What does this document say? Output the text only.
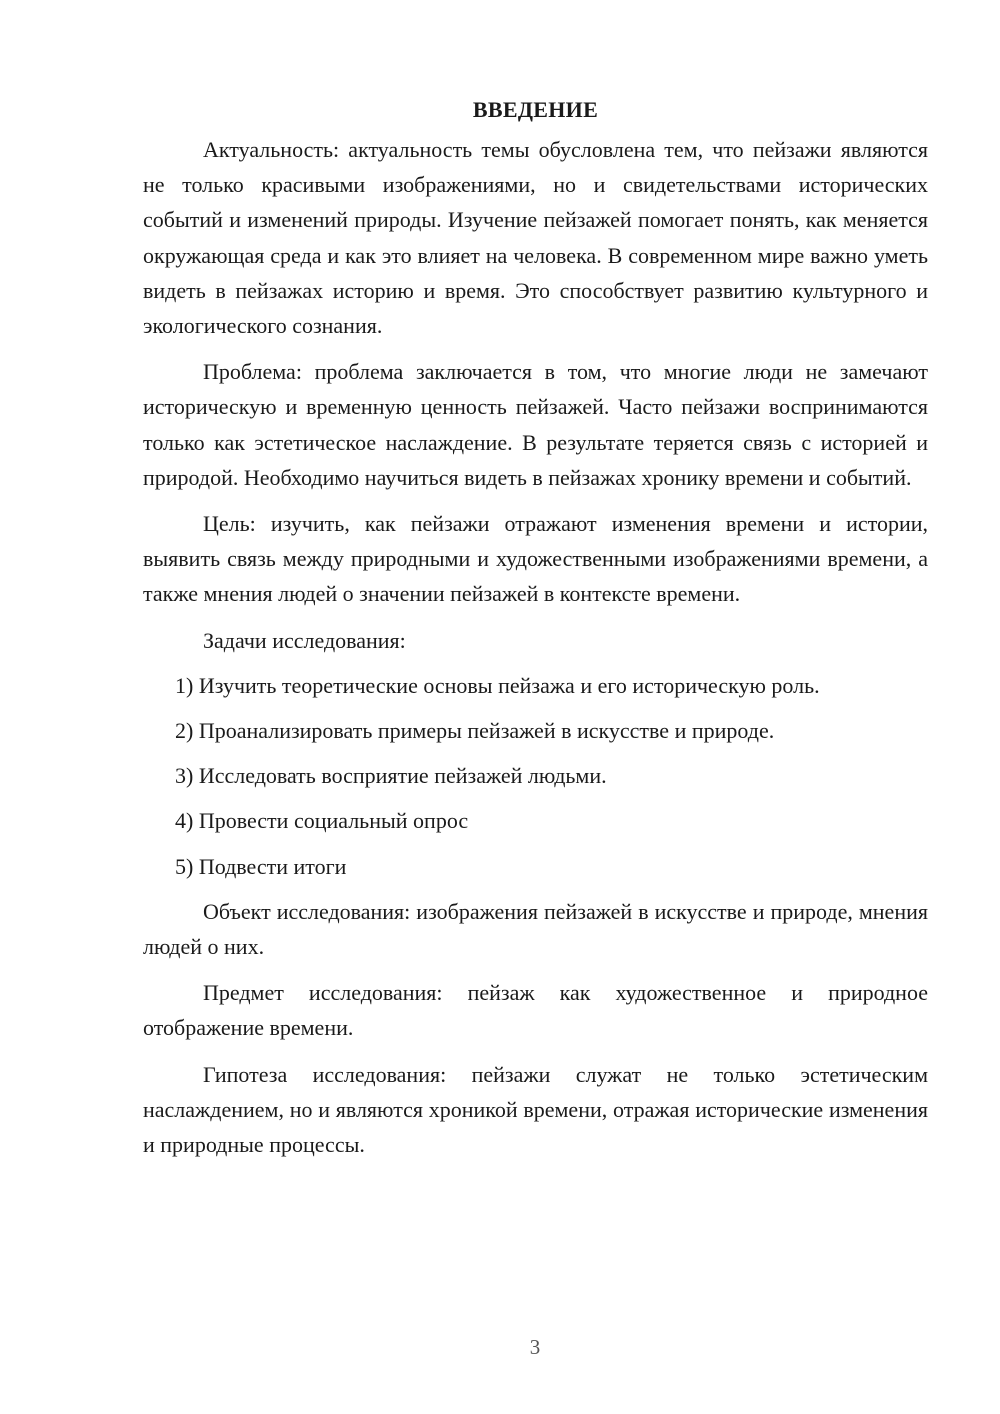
ВВЕДЕНИЕ

Актуальность: актуальность темы обусловлена тем, что пейзажи являются не только красивыми изображениями, но и свидетельствами исторических событий и изменений природы. Изучение пейзажей помогает понять, как меняется окружающая среда и как это влияет на человека. В современном мире важно уметь видеть в пейзажах историю и время. Это способствует развитию культурного и экологического сознания.

Проблема: проблема заключается в том, что многие люди не замечают историческую и временную ценность пейзажей. Часто пейзажи воспринимаются только как эстетическое наслаждение. В результате теряется связь с историей и природой. Необходимо научиться видеть в пейзажах хронику времени и событий.

Цель: изучить, как пейзажи отражают изменения времени и истории, выявить связь между природными и художественными изображениями времени, а также мнения людей о значении пейзажей в контексте времени.

Задачи исследования:

1) Изучить теоретические основы пейзажа и его историческую роль.
2) Проанализировать примеры пейзажей в искусстве и природе.
3) Исследовать восприятие пейзажей людьми.
4) Провести социальный опрос
5) Подвести итоги

Объект исследования: изображения пейзажей в искусстве и природе, мнения людей о них.

Предмет исследования: пейзаж как художественное и природное отображение времени.

Гипотеза исследования: пейзажи служат не только эстетическим наслаждением, но и являются хроникой времени, отражая исторические изменения и природные процессы.

3
